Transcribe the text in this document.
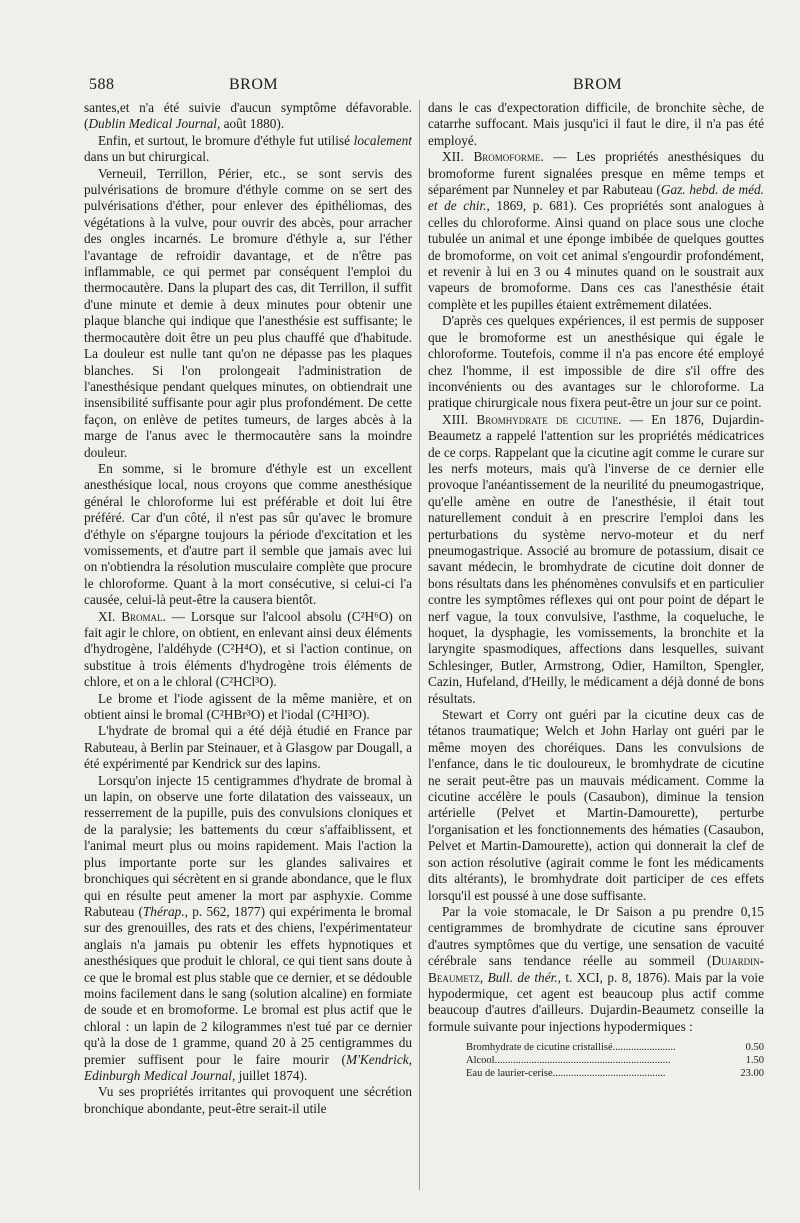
588	BROM	BROM

santes,et n'a été suivie d'aucun symptôme défavorable. (Dublin Medical Journal, août 1880).

Enfin, et surtout, le bromure d'éthyle fut utilisé localement dans un but chirurgical.

Verneuil, Terrillon, Périer, etc., se sont servis des pulvérisations de bromure d'éthyle comme on se sert des pulvérisations d'éther, pour enlever des épithéliomas, des végétations à la vulve, pour ouvrir des abcès, pour arracher des ongles incarnés. Le bromure d'éthyle a, sur l'éther l'avantage de refroidir davantage, et de n'être pas inflammable, ce qui permet par conséquent l'emploi du thermocautère. Dans la plupart des cas, dit Terrillon, il suffit d'une minute et demie à deux minutes pour obtenir une plaque blanche qui indique que l'anesthésie est suffisante; le thermocautère doit être un peu plus chauffé que d'habitude. La douleur est nulle tant qu'on ne dépasse pas les plaques blanches. Si l'on prolongeait l'administration de l'anesthésique pendant quelques minutes, on obtiendrait une insensibilité suffisante pour agir plus profondément. De cette façon, on enlève de petites tumeurs, de larges abcès à la marge de l'anus avec le thermocautère sans la moindre douleur.

En somme, si le bromure d'éthyle est un excellent anesthésique local, nous croyons que comme anesthésique général le chloroforme lui est préférable et doit lui être préféré. Car d'un côté, il n'est pas sûr qu'avec le bromure d'éthyle on s'épargne toujours la période d'excitation et les vomissements, et d'autre part il semble que jamais avec lui on n'obtiendra la résolution musculaire complète que procure le chloroforme. Quant à la mort consécutive, si celui-ci l'a causée, celui-là peut-être la causera bientôt.

XI. Bromal. — Lorsque sur l'alcool absolu (C²H⁶O) on fait agir le chlore, on obtient, en enlevant ainsi deux éléments d'hydrogène, l'aldéhyde (C²H⁴O), et si l'action continue, on substitue à trois éléments d'hydrogène trois éléments de chlore, et on a le chloral (C²HCl³O).

Le brome et l'iode agissent de la même manière, et on obtient ainsi le bromal (C²HBr³O) et l'iodal (C²HI³O).

L'hydrate de bromal qui a été déjà étudié en France par Rabuteau, à Berlin par Steinauer, et à Glasgow par Dougall, a été expérimenté par Kendrick sur des lapins.

Lorsqu'on injecte 15 centigrammes d'hydrate de bromal à un lapin, on observe une forte dilatation des vaisseaux, un resserrement de la pupille, puis des convulsions cloniques et de la paralysie; les battements du cœur s'affaiblissent, et l'animal meurt plus ou moins rapidement. Mais l'action la plus importante porte sur les glandes salivaires et bronchiques qui sécrètent en si grande abondance, que le flux qui en résulte peut amener la mort par asphyxie. Comme Rabuteau (Thérap., p. 562, 1877) qui expérimenta le bromal sur des grenouilles, des rats et des chiens, l'expérimentateur anglais n'a jamais pu obtenir les effets hypnotiques et anesthésiques que produit le chloral, ce qui tient sans doute à ce que le bromal est plus stable que ce dernier, et se dédouble moins facilement dans le sang (solution alcaline) en formiate de soude et en bromoforme. Le bromal est plus actif que le chloral : un lapin de 2 kilogrammes n'est tué par ce dernier qu'à la dose de 1 gramme, quand 20 à 25 centigrammes du premier suffisent pour le faire mourir (M'Kendrick, Edinburgh Medical Journal, juillet 1874).

Vu ses propriétés irritantes qui provoquent une sécrétion bronchique abondante, peut-être serait-il utile

dans le cas d'expectoration difficile, de bronchite sèche, de catarrhe suffocant. Mais jusqu'ici il faut le dire, il n'a pas été employé.

XII. Bromoforme. — Les propriétés anesthésiques du bromoforme furent signalées presque en même temps et séparément par Nunneley et par Rabuteau (Gaz. hebd. de méd. et de chir., 1869, p. 681). Ces propriétés sont analogues à celles du chloroforme. Ainsi quand on place sous une cloche tubulée un animal et une éponge imbibée de quelques gouttes de bromoforme, on voit cet animal s'engourdir profondément, et revenir à lui en 3 ou 4 minutes quand on le soustrait aux vapeurs de bromoforme. Dans ces cas l'anesthésie était complète et les pupilles étaient extrêmement dilatées.

D'après ces quelques expériences, il est permis de supposer que le bromoforme est un anesthésique qui égale le chloroforme. Toutefois, comme il n'a pas encore été employé chez l'homme, il est impossible de dire s'il offre des inconvénients ou des avantages sur le chloroforme. La pratique chirurgicale nous fixera peut-être un jour sur ce point.

XIII. Bromhydrate de cicutine. — En 1876, Dujardin-Beaumetz a rappelé l'attention sur les propriétés médicatrices de ce corps. Rappelant que la cicutine agit comme le curare sur les nerfs moteurs, mais qu'à l'inverse de ce dernier elle provoque l'anéantissement de la neurilité du pneumogastrique, qu'elle amène en outre de l'anesthésie, il était tout naturellement conduit à en prescrire l'emploi dans les perturbations du système nervo-moteur et du nerf pneumogastrique. Associé au bromure de potassium, disait ce savant médecin, le bromhydrate de cicutine doit donner de bons résultats dans les phénomènes convulsifs et en particulier contre les symptômes réflexes qui ont pour point de départ le nerf vague, la toux convulsive, l'asthme, la coqueluche, le hoquet, la dysphagie, les vomissements, la bronchite et la laryngite spasmodiques, affections dans lesquelles, suivant Schlesinger, Butler, Armstrong, Odier, Hamilton, Spengler, Cazin, Hufeland, d'Heilly, le médicament a déjà donné de bons résultats.

Stewart et Corry ont guéri par la cicutine deux cas de tétanos traumatique; Welch et John Harlay ont guéri par le même moyen des choréiques. Dans les convulsions de l'enfance, dans le tic douloureux, le bromhydrate de cicutine ne serait peut-être pas un mauvais médicament. Comme la cicutine accélère le pouls (Casaubon), diminue la tension artérielle (Pelvet et Martin-Damourette), perturbe l'organisation et les fonctionnements des hématies (Casaubon, Pelvet et Martin-Damourette), action qui donnerait la clef de son action résolutive (agirait comme le font les médicaments dits altérants), le bromhydrate doit participer de ces effets lorsqu'il est poussé à une dose suffisante.

Par la voie stomacale, le Dr Saison a pu prendre 0,15 centigrammes de bromhydrate de cicutine sans éprouver d'autres symptômes que du vertige, une sensation de vacuité cérébrale sans tendance réelle au sommeil (Dujardin-Beaumetz, Bull. de thér., t. XCI, p. 8, 1876). Mais par la voie hypodermique, cet agent est beaucoup plus actif comme beaucoup d'autres d'ailleurs. Dujardin-Beaumetz conseille la formule suivante pour injections hypodermiques :

Bromhydrate de cicutine cristallisé........................	0.50
Alcool...................................................................	1.50
Eau de laurier-cerise...........................................	23.00
